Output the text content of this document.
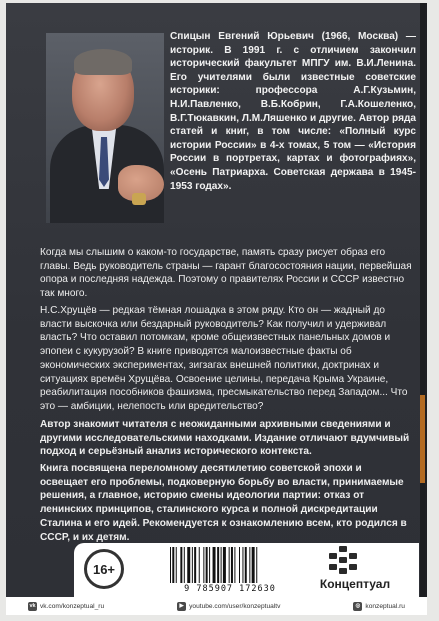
Спицын Евгений Юрьевич (1966, Москва) — историк. В 1991 г. с отличием закончил исторический факультет МПГУ им. В.И.Ленина. Его учителями были известные советские историки: профессора А.Г.Кузьмин, Н.И.Павленко, В.Б.Кобрин, Г.А.Кошеленко, В.Г.Тюкавкин, Л.М.Ляшенко и другие. Автор ряда статей и книг, в том числе: «Полный курс истории России» в 4-х томах, 5 том — «История России в портретах, картах и фотографиях», «Осень Патриарха. Советская держава в 1945-1953 годах».
Когда мы слышим о каком-то государстве, память сразу рисует образ его главы. Ведь руководитель страны — гарант благосостояния нации, первейшая опора и последняя надежда. Поэтому о правителях России и СССР известно так много.
Н.С.Хрущёв — редкая тёмная лошадка в этом ряду. Кто он — жадный до власти выскочка или бездарный руководитель? Как получил и удерживал власть? Что оставил потомкам, кроме общеизвестных панельных домов и эпопеи с кукурузой? В книге приводятся малоизвестные факты об экономических экспериментах, зигзагах внешней политики, доктринах и ситуациях времён Хрущёва. Освоение целины, передача Крыма Украине, реабилитация пособников фашизма, пресмыкательство перед Западом... Что это — амбиции, нелепость или вредительство?
Автор знакомит читателя с неожиданными архивными сведениями и другими исследовательскими находками. Издание отличают вдумчивый подход и серьёзный анализ исторического контекста.
Книга посвящена переломному десятилетию советской эпохи и освещает его проблемы, подковерную борьбу во власти, принимаемые решения, а главное, историю смены идеологии партии: отказ от ленинских принципов, сталинского курса и полной дискредитации Сталина и его идей. Рекомендуется к ознакомлению всем, кто родился в СССР, и их детям.
16+
9 785907 172630	Концептуал
vk vk.com/konzeptual_ru	▶ youtube.com/user/konzeptualtv	◎ konzeptual.ru
